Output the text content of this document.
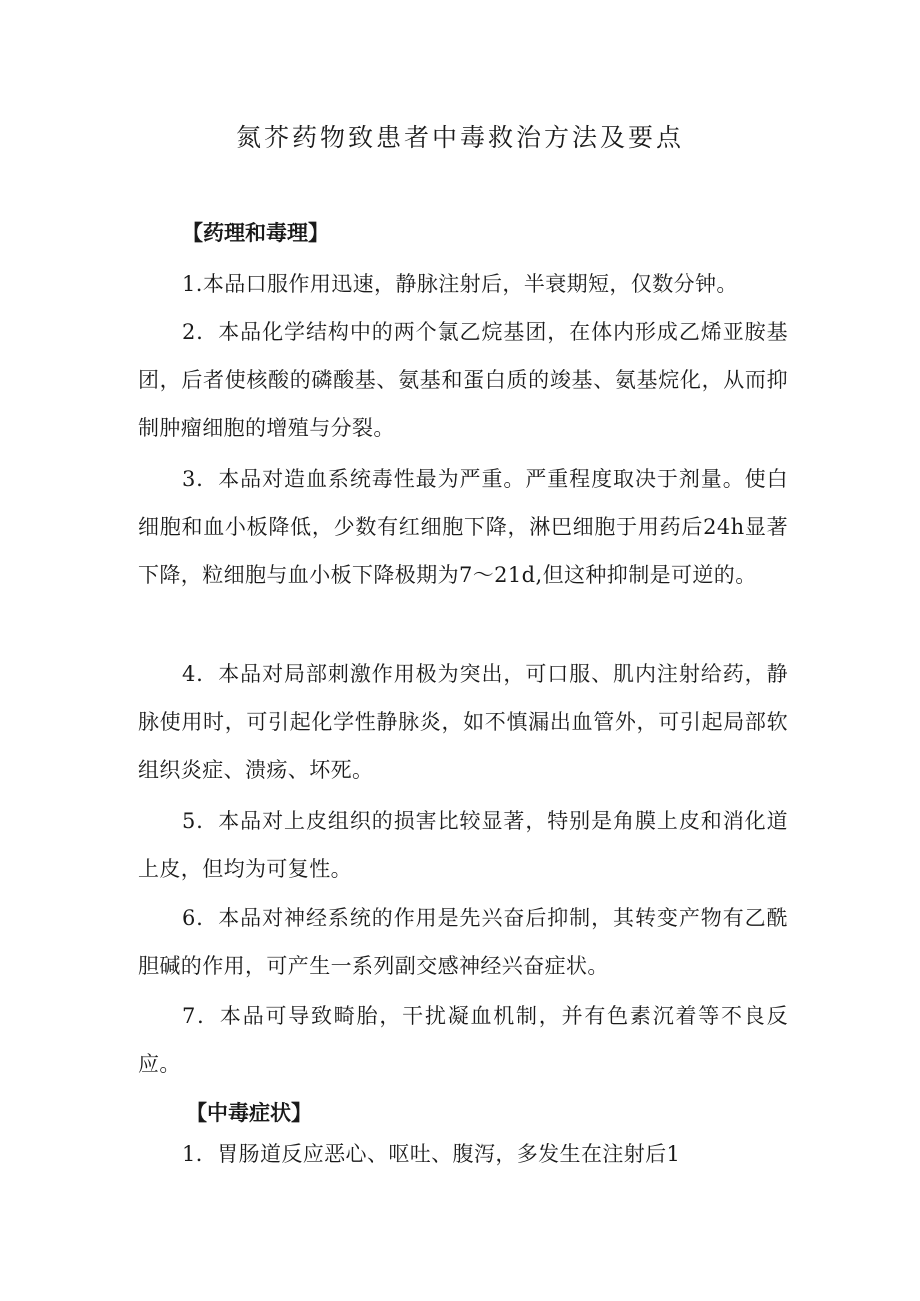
氮芥药物致患者中毒救治方法及要点
【药理和毒理】
1.本品口服作用迅速，静脉注射后，半衰期短，仅数分钟。
2．本品化学结构中的两个氯乙烷基团，在体内形成乙烯亚胺基团，后者使核酸的磷酸基、氨基和蛋白质的竣基、氨基烷化，从而抑制肿瘤细胞的增殖与分裂。
3．本品对造血系统毒性最为严重。严重程度取决于剂量。使白细胞和血小板降低，少数有红细胞下降，淋巴细胞于用药后24h显著下降，粒细胞与血小板下降极期为7～21d,但这种抑制是可逆的。
4．本品对局部刺激作用极为突出，可口服、肌内注射给药，静脉使用时，可引起化学性静脉炎，如不慎漏出血管外，可引起局部软组织炎症、溃疡、坏死。
5．本品对上皮组织的损害比较显著，特别是角膜上皮和消化道上皮，但均为可复性。
6．本品对神经系统的作用是先兴奋后抑制，其转变产物有乙酰胆碱的作用，可产生一系列副交感神经兴奋症状。
7．本品可导致畸胎，干扰凝血机制，并有色素沉着等不良反应。
【中毒症状】
1．胃肠道反应恶心、呕吐、腹泻，多发生在注射后1
